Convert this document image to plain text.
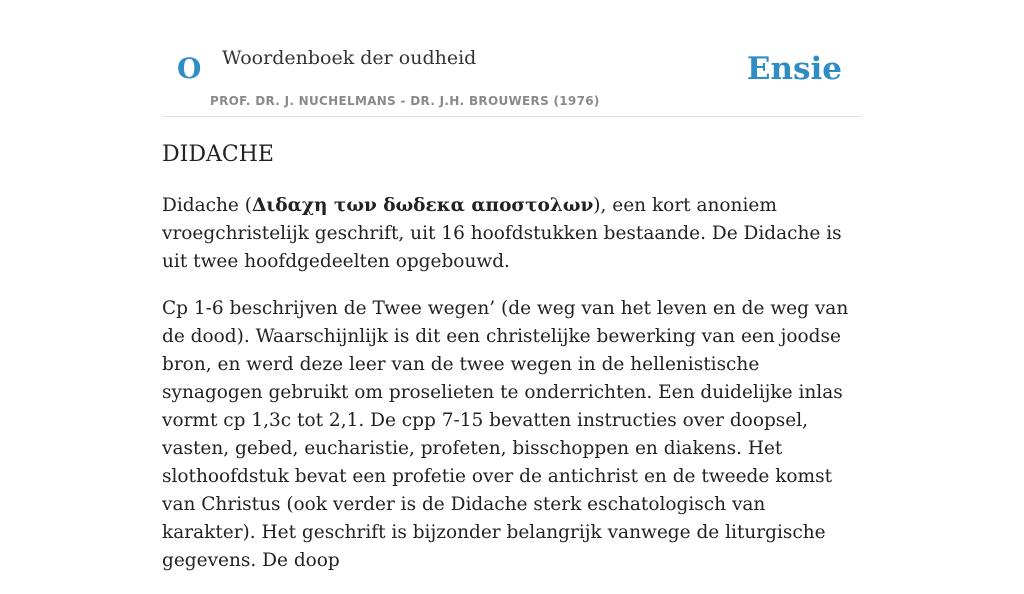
O Woordenboek der oudheid
PROF. DR. J. NUCHELMANS - DR. J.H. BROUWERS (1976)
Ensie
DIDACHE

Didache (Διδαχη των δωδεκα αποστολων), een kort anoniem vroegchristelijk geschrift, uit 16 hoofdstukken bestaande. De Didache is uit twee hoofdgedeelten opgebouwd.

Cp 1-6 beschrijven de Twee wegen’ (de weg van het leven en de weg van de dood). Waarschijnlijk is dit een christelijke bewerking van een joodse bron, en werd deze leer van de twee wegen in de hellenistische synagogen gebruikt om proselieten te onderrichten. Een duidelijke inlas vormt cp 1,3c tot 2,1. De cpp 7-15 bevatten instructies over doopsel, vasten, gebed, eucharistie, profeten, bisschoppen en diakens. Het slothoofdstuk bevat een profetie over de antichrist en de tweede komst van Christus (ook verder is de Didache sterk eschatologisch van karakter). Het geschrift is bijzonder belangrijk vanwege de liturgische gegevens. De doop
